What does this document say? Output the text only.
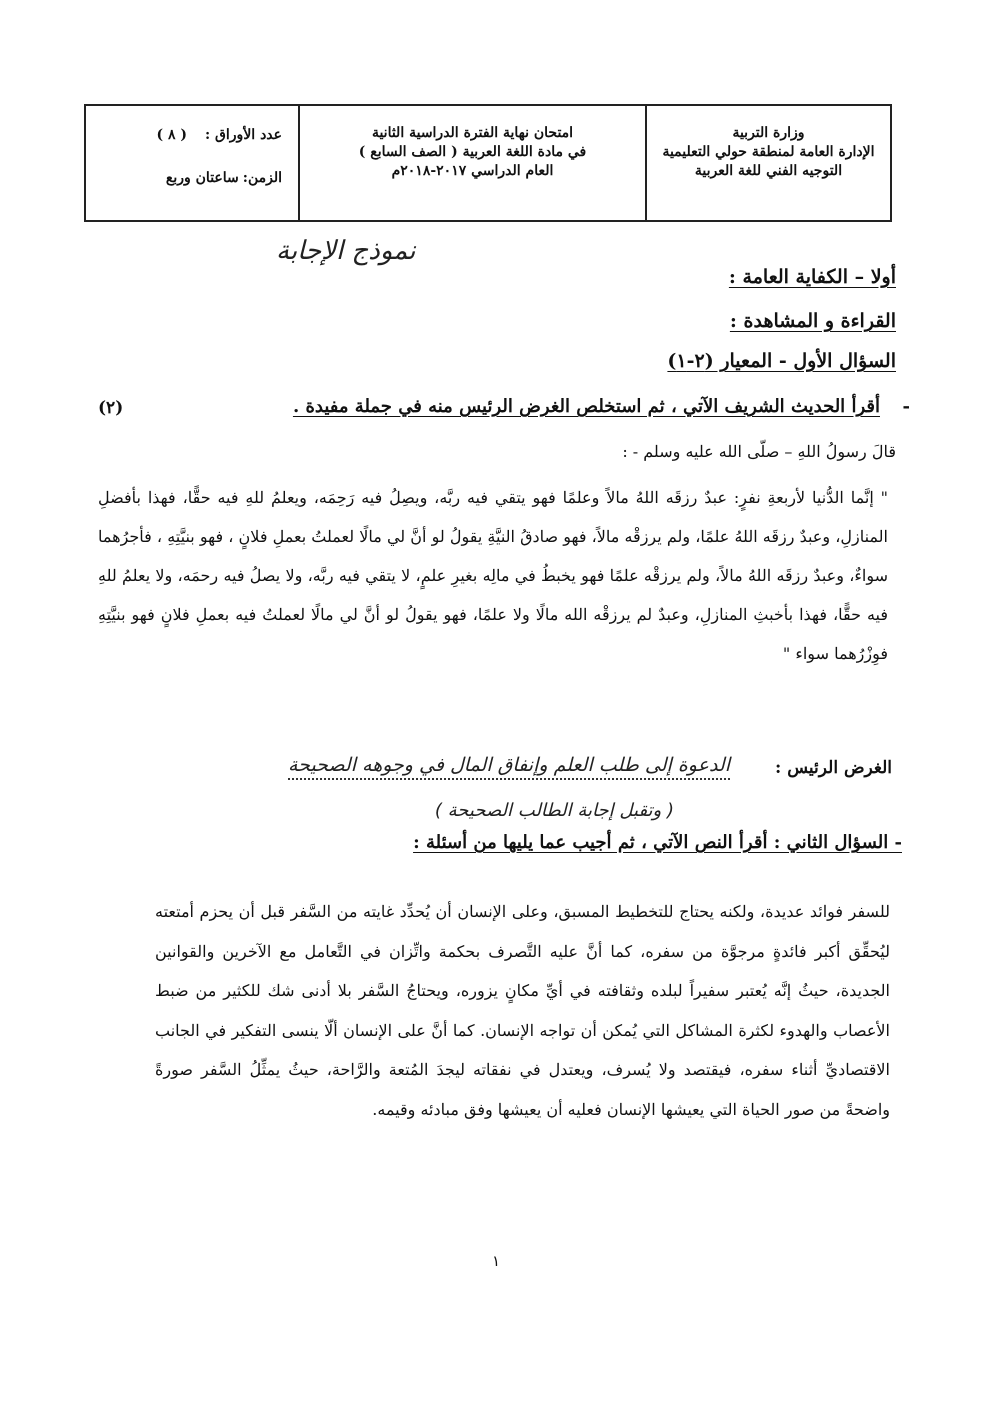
وزارة التربية
الإدارة العامة لمنطقة حولي التعليمية
التوجيه الفني للغة العربية
امتحان نهاية الفترة الدراسية الثانية
في مادة اللغة العربية ( الصف السابع )
العام الدراسي ٢٠١٧-٢٠١٨م
عدد الأوراق :
( ٨ )
الزمن:
ساعتان وربع
نموذج الإجابة
أولا – الكفاية العامة :
القراءة و المشاهدة :
السؤال الأول - المعيار (٢-١)
-
أقرأ الحديث الشريف الآتي ، ثم استخلص الغرض الرئيس منه في جملة مفيدة .
(٢)
قالَ رسولُ اللهِ – صلّى الله عليه وسلم - :
" إنَّما الدُّنيا لأربعةِ نفرٍ: عبدٌ رزقَه اللهُ مالاً وعلمًا فهو يتقي فيه ربَّه، ويصِلُ فيه رَحِمَه، ويعلمُ للهِ فيه حقًّا، فهذا بأفضلِ المنازلِ، وعبدٌ رزقَه اللهُ علمًا، ولم يرزقْه مالاً، فهو صادقُ النيَّةِ يقولُ لو أنَّ لي مالًا لعملتُ بعملِ فلانٍ ، فهو بنيَّتِهِ ، فأجرُهما سواءٌ، وعبدٌ رزقَه اللهُ مالاً، ولم يرزقْه علمًا فهو يخبطُ في مالِه بغيرِ علمٍ، لا يتقي فيه ربَّه، ولا يصلُ فيه رحمَه، ولا يعلمُ للهِ فيه حقًّا، فهذا بأخبثِ المنازلِ، وعبدٌ لم يرزقْه الله مالًا ولا علمًا، فهو يقولُ لو أنَّ لي مالًا لعملتُ فيه بعملِ فلانٍ فهو بنيَّتِهِ فوِزْرُهما سواء "
الغرض الرئيس :
الدعوة إلى طلب العلم وإنفاق المال في وجوهه الصحيحة
( وتقبل إجابة الطالب الصحيحة )
- السؤال الثاني : أقرأ النص الآتي ، ثم أجيب عما يليها من أسئلة :
للسفر فوائد عديدة، ولكنه يحتاج للتخطيط المسبق، وعلى الإنسان أن يُحدِّد غايته من السَّفر قبل أن يحزم أمتعته ليُحقِّق أكبر فائدةٍ مرجوَّة من سفره، كما أنَّ عليه التَّصرف بحكمة واتِّزان في التَّعامل مع الآخرين والقوانين الجديدة، حيثُ إنَّه يُعتبر سفيراً لبلده وثقافته في أيِّ مكانٍ يزوره، ويحتاجُ السَّفر بلا أدنى شك للكثير من ضبط الأعصاب والهدوء لكثرة المشاكل التي يُمكن أن تواجه الإنسان. كما أنَّ على الإنسان ألّا ينسى التفكير في الجانب الاقتصاديِّ أثناء سفره، فيقتصد ولا يُسرف، ويعتدل في نفقاته ليجدَ المُتعة والرَّاحة، حيثُ يمثِّلُ السَّفر صورةً واضحةً من صور الحياة التي يعيشها الإنسان فعليه أن يعيشها وفق مبادئه وقيمه.
١
